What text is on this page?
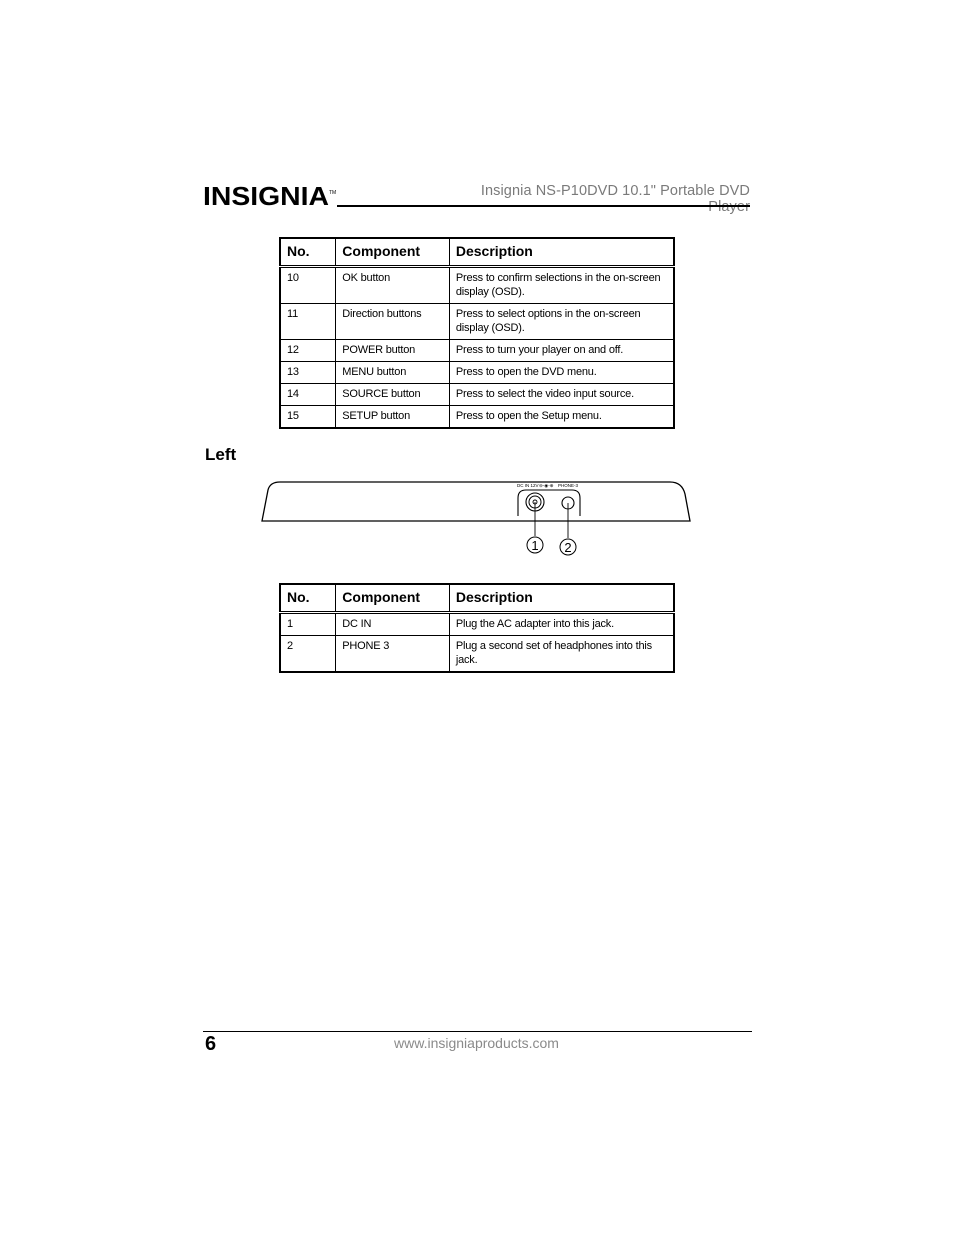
INSIGNIA TM	Insignia NS-P10DVD 10.1" Portable DVD Player
No.	Component	Description
10	OK button	Press to confirm selections in the on-screen display (OSD).
11	Direction buttons	Press to select options in the on-screen display (OSD).
12	POWER button	Press to turn your player on and off.
13	MENU button	Press to open the DVD menu.
14	SOURCE button	Press to select the video input source.
15	SETUP button	Press to open the Setup menu.
Left
DC IN 12V ⊖-◉-⊕ PHONE-3
1 2
No.	Component	Description
1	DC IN	Plug the AC adapter into this jack.
2	PHONE 3	Plug a second set of headphones into this jack.
6	www.insigniaproducts.com
